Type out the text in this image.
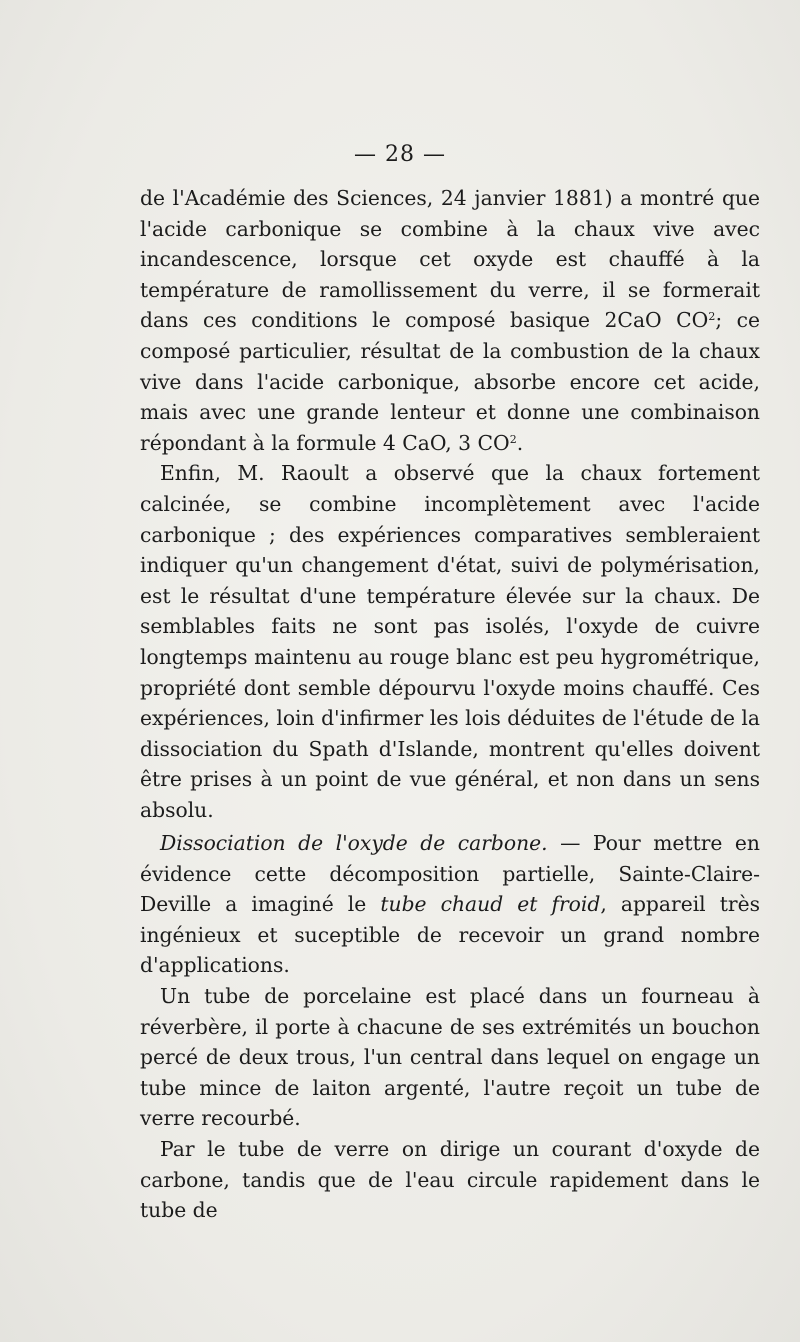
— 28 —

de l'Académie des Sciences, 24 janvier 1881) a montré que l'acide carbonique se combine à la chaux vive avec incandescence, lorsque cet oxyde est chauffé à la température de ramollissement du verre, il se formerait dans ces conditions le composé basique 2CaO $CO^2$; ce composé particulier, résultat de la combustion de la chaux vive dans l'acide carbonique, absorbe encore cet acide, mais avec une grande lenteur et donne une combinaison répondant à la formule 4 CaO, 3 $CO^2$.

Enfin, M. Raoult a observé que la chaux fortement calcinée, se combine incomplètement avec l'acide carbonique ; des expériences comparatives sembleraient indiquer qu'un changement d'état, suivi de polymérisation, est le résultat d'une température élevée sur la chaux. De semblables faits ne sont pas isolés, l'oxyde de cuivre longtemps maintenu au rouge blanc est peu hygrométrique, propriété dont semble dépourvu l'oxyde moins chauffé. Ces expériences, loin d'infirmer les lois déduites de l'étude de la dissociation du Spath d'Islande, montrent qu'elles doivent être prises à un point de vue général, et non dans un sens absolu.

Dissociation de l'oxyde de carbone. — Pour mettre en évidence cette décomposition partielle, Sainte-Claire-Deville a imaginé le tube chaud et froid, appareil très ingénieux et suceptible de recevoir un grand nombre d'applications.

Un tube de porcelaine est placé dans un fourneau à réverbère, il porte à chacune de ses extrémités un bouchon percé de deux trous, l'un central dans lequel on engage un tube mince de laiton argenté, l'autre reçoit un tube de verre recourbé.

Par le tube de verre on dirige un courant d'oxyde de carbone, tandis que de l'eau circule rapidement dans le tube de
